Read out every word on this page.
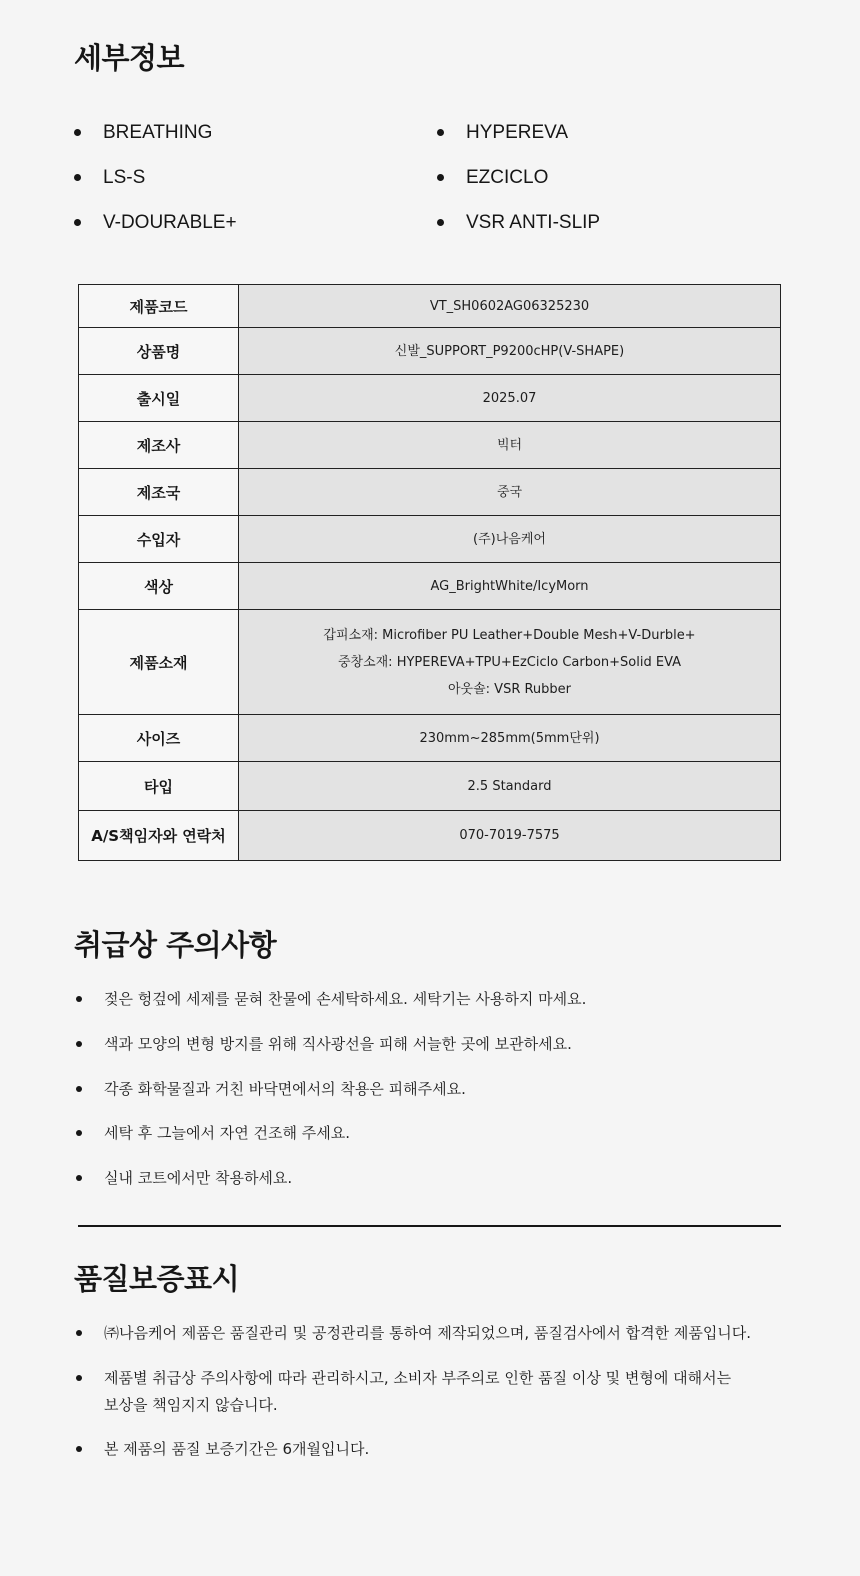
세부정보
BREATHING
LS-S
V-DOURABLE+
HYPEREVA
EZCICLO
VSR ANTI-SLIP
제품코드	VT_SH0602AG06325230

상품명	신발_SUPPORT_P9200cHP(V-SHAPE)

출시일	2025.07

제조사	빅터

제조국	중국

수입자	(주)나음케어

색상	AG_BrightWhite/IcyMorn

제품소재	갑피소재: Microfiber PU Leather+Double Mesh+V-Durble+
중창소재: HYPEREVA+TPU+EzCiclo Carbon+Solid EVA
아웃솔: VSR Rubber

사이즈	230mm~285mm(5mm단위)

타입	2.5 Standard

A/S책임자와 연락처	070-7019-7575
취급상 주의사항
젖은 헝겊에 세제를 묻혀 찬물에 손세탁하세요. 세탁기는 사용하지 마세요.
색과 모양의 변형 방지를 위해 직사광선을 피해 서늘한 곳에 보관하세요.
각종 화학물질과 거친 바닥면에서의 착용은 피해주세요.
세탁 후 그늘에서 자연 건조해 주세요.
실내 코트에서만 착용하세요.
품질보증표시
㈜나음케어 제품은 품질관리 및 공정관리를 통하여 제작되었으며, 품질검사에서 합격한 제품입니다.
제품별 취급상 주의사항에 따라 관리하시고, 소비자 부주의로 인한 품질 이상 및 변형에 대해서는
보상을 책임지지 않습니다.
본 제품의 품질 보증기간은 6개월입니다.
